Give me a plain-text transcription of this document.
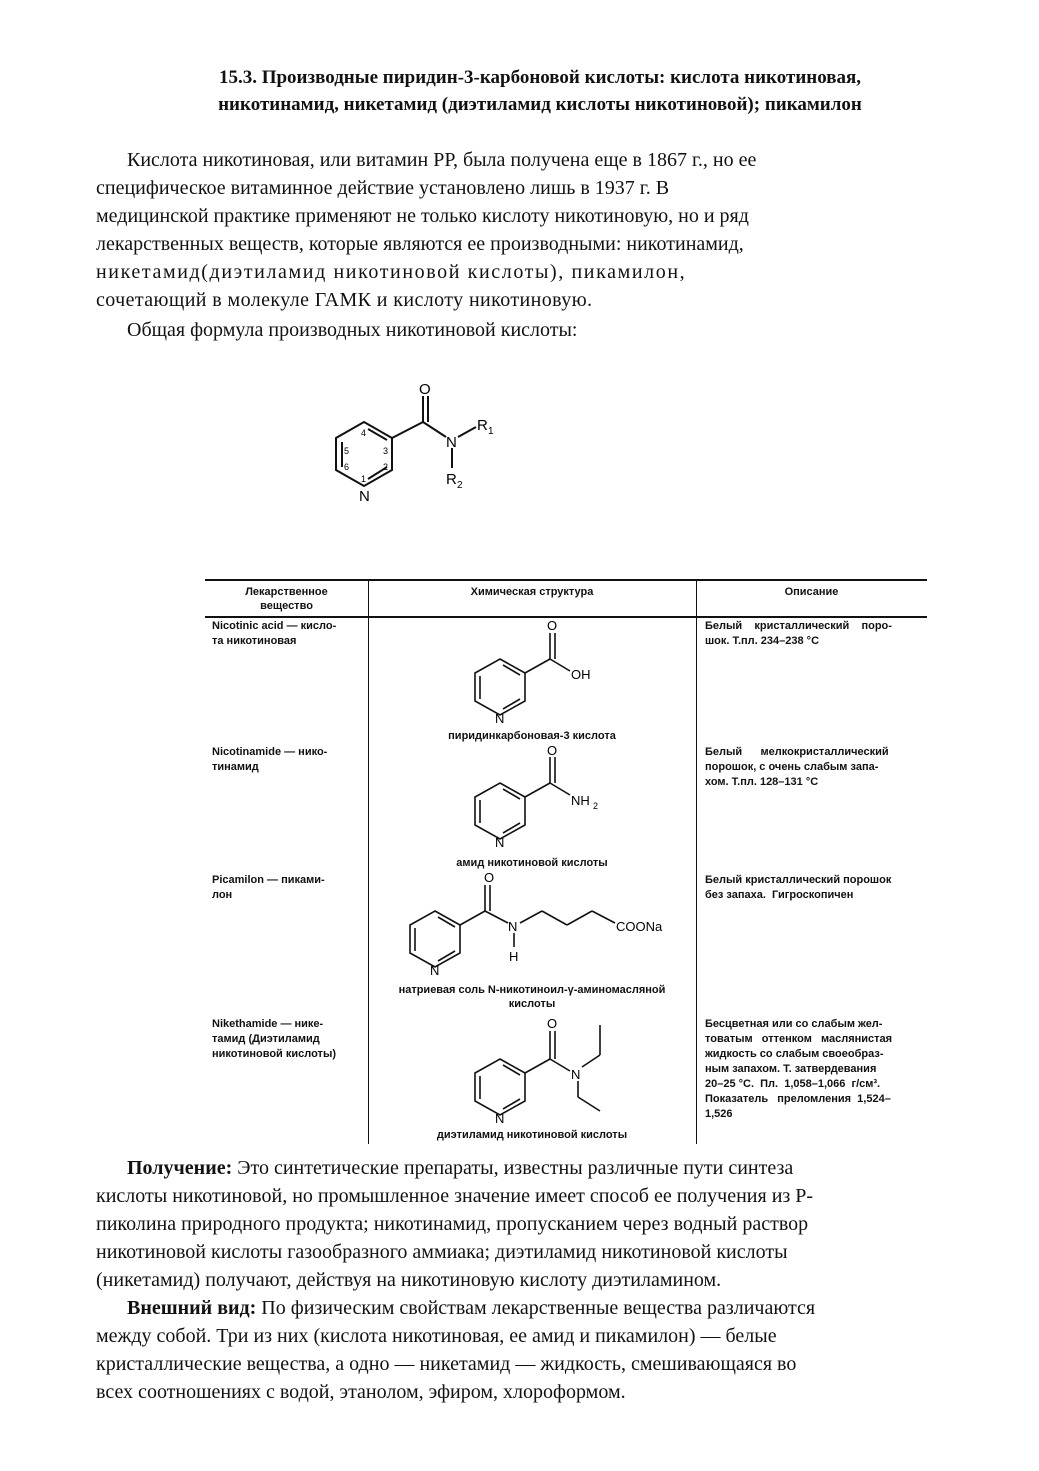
15.3. Производные пиридин-3-карбоновой кислоты: кислота никотиновая,
никотинамид, никетамид (диэтиламид кислоты никотиновой); пикамилон
Кислота никотиновая, или витамин РР, была получена еще в 1867 г., но ее
специфическое витаминное действие установлено лишь в 1937 г. В
медицинской практике применяют не только кислоту никотиновую, но и ряд
лекарственных веществ, которые являются ее производными: никотинамид,
никетамид(диэтиламид никотиновой кислоты), пикамилон,
сочетающий в молекуле ГАМК и кислоту никотиновую.
Общая формула производных никотиновой кислоты:
O
N
R 1
R 2
N
4
3
5
6	2
1
Лекарственное
вещество
Химическая структура	Описание
Nicotinic acid — кисло-
та никотиновая
O
OH
N
пиридинкарбоновая-3 кислота
Белый    кристаллический    поро-
шок. Т.пл. 234–238 °С
Nicotinamide — нико-
тинамид
O
NH 2
N
амид никотиновой кислоты
Белый      мелкокристаллический
порошок, с очень слабым запа-
хом. Т.пл. 128–131 °С
Picamilon — пиками-
лон
O
N
H
COONa
N
натриевая соль N-никотиноил-γ-аминомасляной
кислоты
Белый кристаллический порошок
без запаха.  Гигроскопичен
Nikethamide — нике-
тамид (Диэтиламид
никотиновой кислоты)
O
N
N
диэтиламид никотиновой кислоты
Бесцветная или со слабым жел-
товатым   оттенком   маслянистая
жидкость со слабым своеобраз-
ным запахом. Т. затвердевания
20–25 °С.  Пл.  1,058–1,066  г/см³.
Показатель   преломления  1,524–
1,526
Получение: Это синтетические препараты, известны различные пути синтеза
кислоты никотиновой, но промышленное значение имеет способ ее получения из Р-
пиколина природного продукта; никотинамид, пропусканием через водный раствор
никотиновой кислоты газообразного аммиака; диэтиламид никотиновой кислоты
(никетамид) получают, действуя на никотиновую кислоту диэтиламином.
Внешний вид: По физическим свойствам лекарственные вещества различаются
между собой. Три из них (кислота никотиновая, ее амид и пикамилон) — белые
кристаллические вещества, а одно — никетамид — жидкость, смешивающаяся во
всех соотношениях с водой, этанолом, эфиром, хлороформом.
